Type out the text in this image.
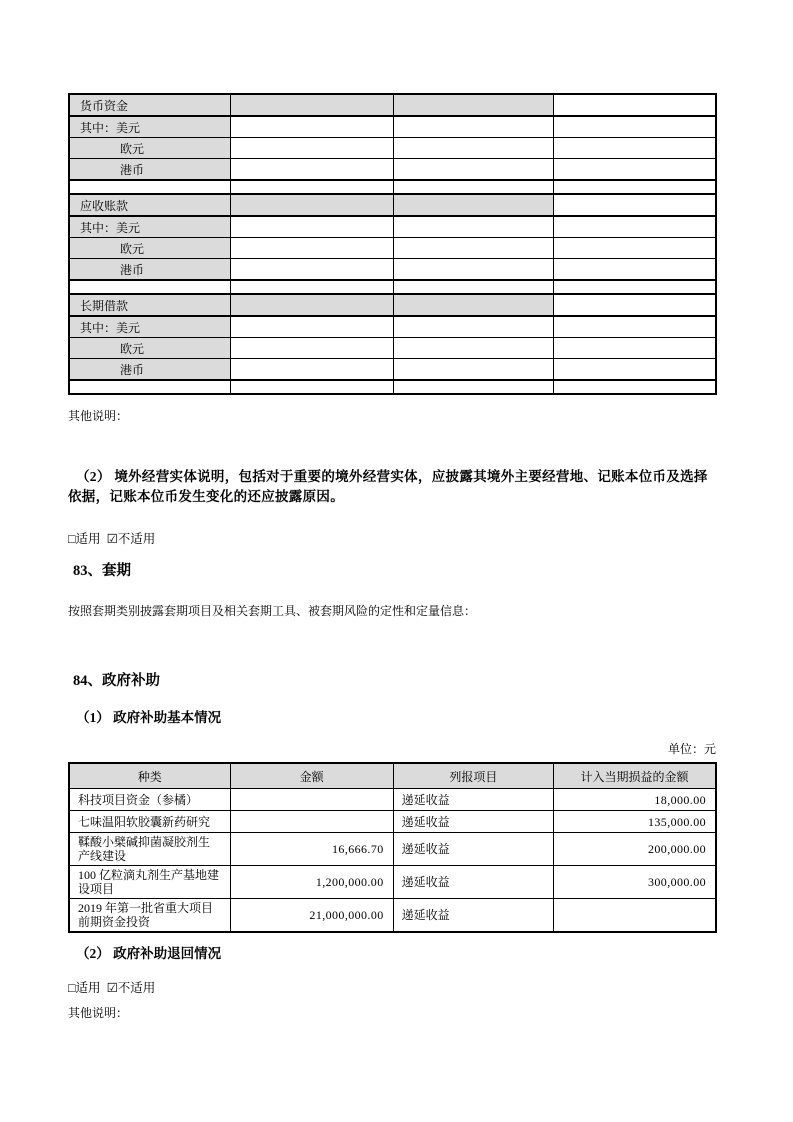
货币资金			
其中：美元			
欧元			
港币			

应收账款			
其中：美元			
欧元			
港币			

长期借款			
其中：美元			
欧元			
港币			

其他说明：
（2） 境外经营实体说明，包括对于重要的境外经营实体，应披露其境外主要经营地、记账本位币及选择依据，记账本位币发生变化的还应披露原因。
□适用 ☑不适用
83、套期
按照套期类别披露套期项目及相关套期工具、被套期风险的定性和定量信息：
84、政府补助
（1） 政府补助基本情况
单位：元
种类	金额	列报项目	计入当期损益的金额
科技项目资金（参橘）		递延收益	18,000.00
七味温阳软胶囊新药研究		递延收益	135,000.00
鞣酸小檗碱抑菌凝胶剂生产线建设	16,666.70	递延收益	200,000.00
100 亿粒滴丸剂生产基地建设项目	1,200,000.00	递延收益	300,000.00
2019 年第一批省重大项目前期资金投资	21,000,000.00	递延收益	
（2） 政府补助退回情况
□适用 ☑不适用
其他说明：
